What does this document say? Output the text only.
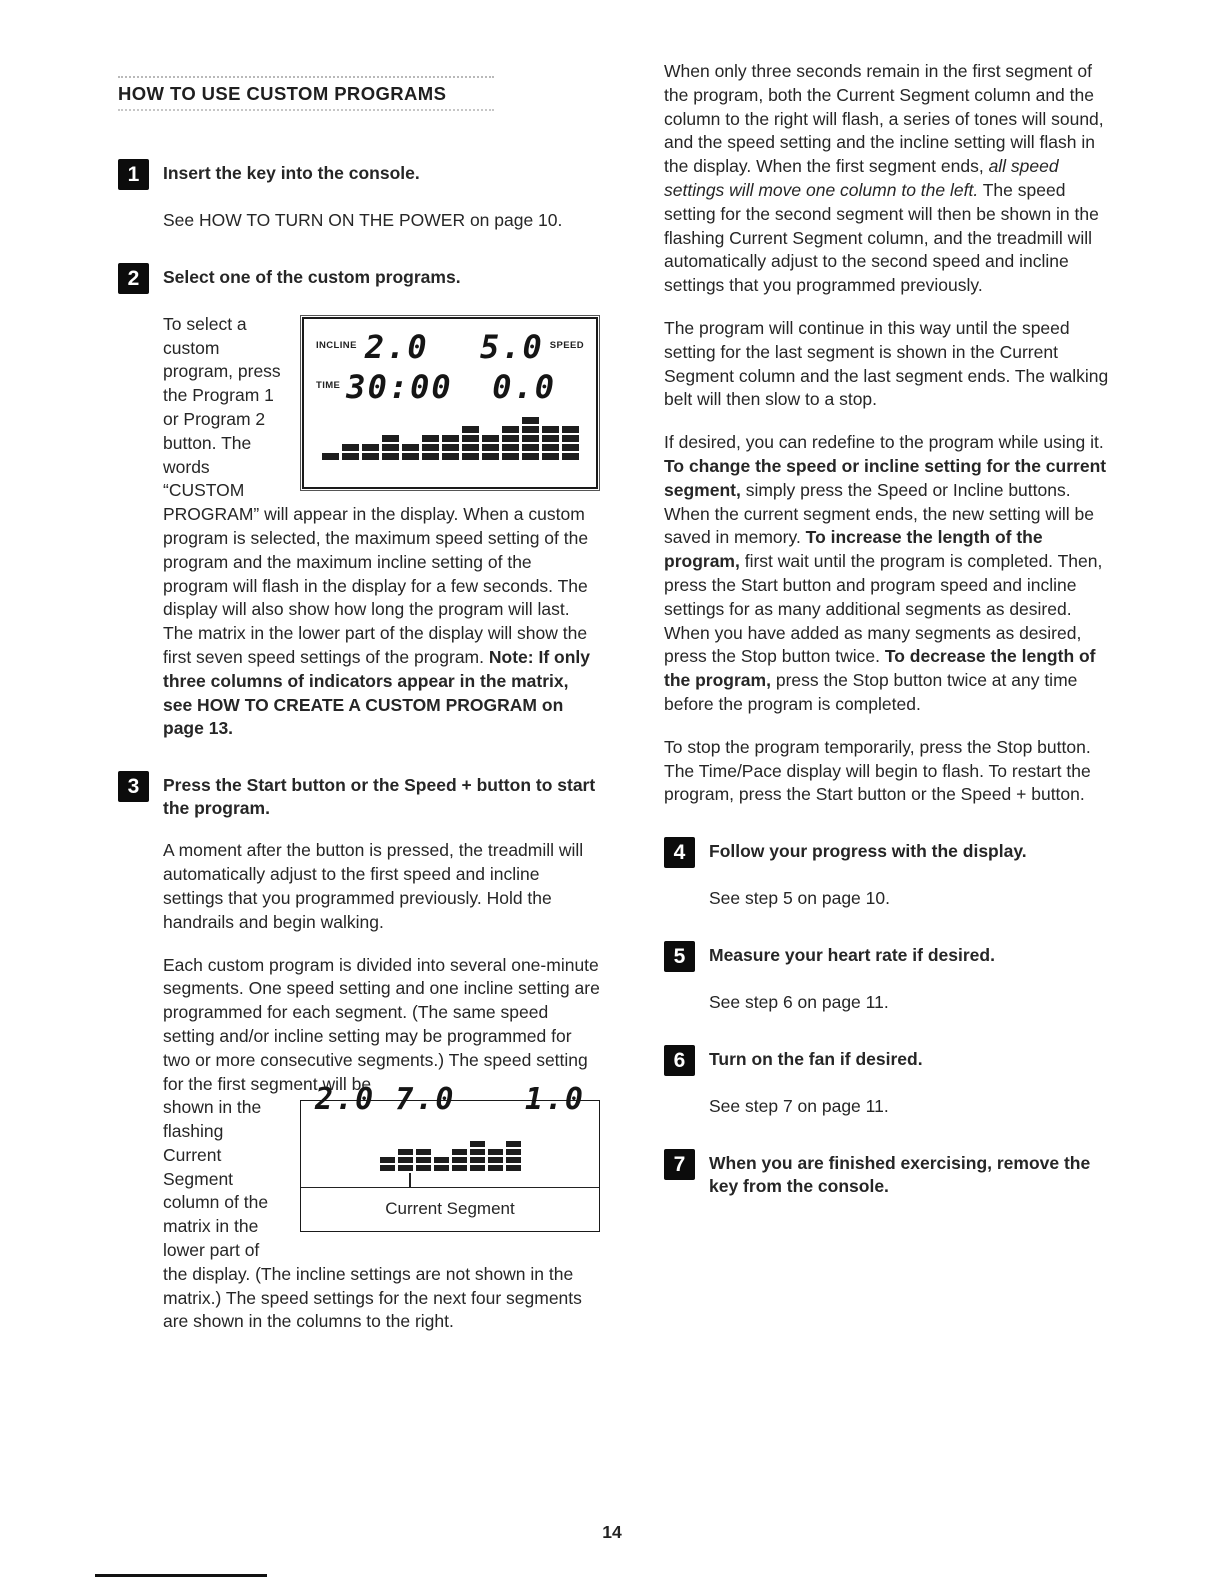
HOW TO USE CUSTOM PROGRAMS
1	Insert the key into the console.

See HOW TO TURN ON THE POWER on page 10.

2	Select one of the custom programs.

INCLINE 2.0 5.0 SPEED
TIME 30:00 0.0
To select a custom program, press the Program 1 or Program 2 button. The words “CUSTOM PROGRAM” will appear in the display. When a custom program is selected, the maximum speed setting of the program and the maximum incline setting of the program will flash in the display for a few seconds. The display will also show how long the program will last. The matrix in the lower part of the display will show the first seven speed settings of the program. Note: If only three columns of indicators appear in the matrix, see HOW TO CREATE A CUSTOM PROGRAM on page 13.

3	Press the Start button or the Speed + button to start the program.

A moment after the button is pressed, the treadmill will automatically adjust to the first speed and incline settings that you programmed previously. Hold the handrails and begin walking.

Each custom program is divided into several one-minute segments. One speed setting and one incline setting are programmed for each segment. (The same speed setting and/or incline setting may be programmed for two or more consecutive segments.) The speed setting for the first segment will be

2.0 7.0 1.0
Current Segment
shown in the flashing Current Segment column of the matrix in the lower part of the display. (The incline settings are not shown in the matrix.) The speed settings for the next four segments are shown in the columns to the right.

When only three seconds remain in the first segment of the program, both the Current Segment column and the column to the right will flash, a series of tones will sound, and the speed setting and the incline setting will flash in the display. When the first segment ends, all speed settings will move one column to the left. The speed setting for the second segment will then be shown in the flashing Current Segment column, and the treadmill will automatically adjust to the second speed and incline settings that you programmed previously.

The program will continue in this way until the speed setting for the last segment is shown in the Current Segment column and the last segment ends. The walking belt will then slow to a stop.

If desired, you can redefine to the program while using it. To change the speed or incline setting for the current segment, simply press the Speed or Incline buttons. When the current segment ends, the new setting will be saved in memory. To increase the length of the program, first wait until the program is completed. Then, press the Start button and program speed and incline settings for as many additional segments as desired. When you have added as many segments as desired, press the Stop button twice. To decrease the length of the program, press the Stop button twice at any time before the program is completed.

To stop the program temporarily, press the Stop button. The Time/Pace display will begin to flash. To restart the program, press the Start button or the Speed + button.

4	Follow your progress with the display.

See step 5 on page 10.

5	Measure your heart rate if desired.

See step 6 on page 11.

6	Turn on the fan if desired.

See step 7 on page 11.

7	When you are finished exercising, remove the key from the console.
14
